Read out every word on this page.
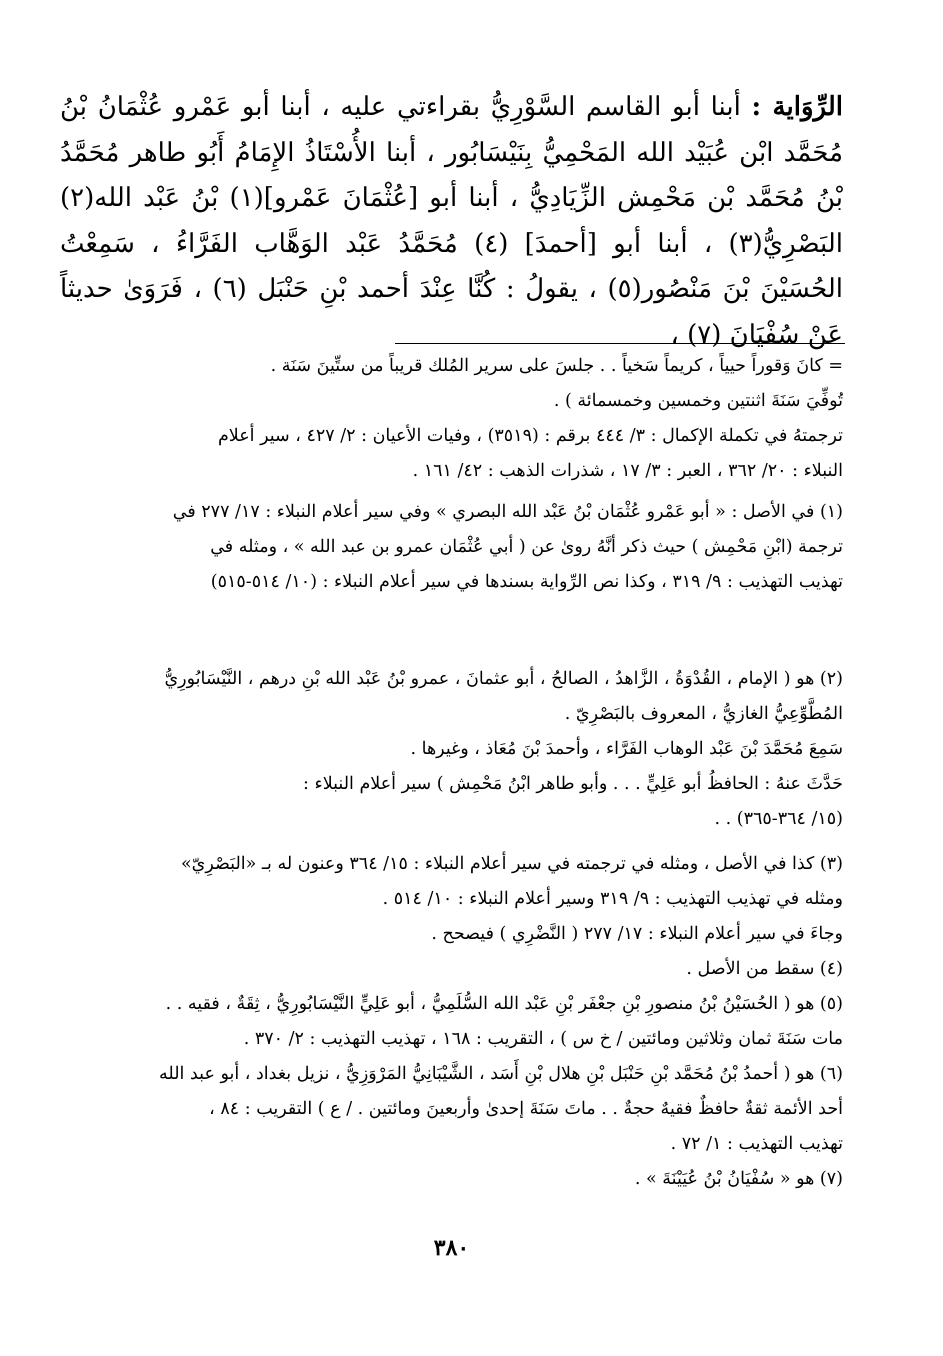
الرِّوَاية : أبنا أبو القاسم السَّوْرِيُّ بقراءتي عليه ، أبنا أبو عَمْرو عُثْمَانُ بْنُ مُحَمَّد ابْن عُبَيْد الله المَحْمِيُّ بِنَيْسَابُور ، أبنا الأُسْتَاذُ الإِمَامُ أَبُو طاهر مُحَمَّدُ بْنُ مُحَمَّد بْن مَحْمِش الزِّيَادِيُّ ، أبنا أبو [عُثْمَانَ عَمْرو](١) بْنُ عَبْد الله(٢) البَصْرِيُّ(٣) ، أبنا أبو [أحمدَ] (٤) مُحَمَّدُ عَبْد الوَهَّاب الفَرَّاءُ ، سَمِعْتُ الحُسَيْنَ بْنَ مَنْصُور(٥) ، يقولُ : كُنَّا عِنْدَ أحمد بْنِ حَنْبَل (٦) ، فَرَوَىٰ حديثاً عَنْ سُفْيَانَ (٧) ،

= كانَ وَقوراً حيياً ، كريماً سَخياً . . جلسَ على سرير المُلك قريباً من ستِّينَ سَنَة .
تُوفِّيَ سَنَةَ اثنتين وخمسين وخمسمائة ) .
ترجمتهُ في تكملة الإكمال : ٣/ ٤٤٤ برقم : (٣٥١٩) ، وفيات الأعيان : ٢/ ٤٢٧ ، سير أعلام
النبلاء : ٢٠/ ٣٦٢ ، العبر : ٣/ ١٧ ، شذرات الذهب : ٤٢/ ١٦١ .
(١) في الأصل : « أبو عَمْرو عُثْمَان بْنُ عَبْد الله البصري » وفي سير أعلام النبلاء : ١٧/ ٢٧٧ في
ترجمة (ابْنِ مَحْمِش ) حيث ذكر أنَّهُ روىٰ عن ( أبي عُثْمَان عمرو بن عبد الله » ، ومثله في
تهذيب التهذيب : ٩/ ٣١٩ ، وكذا نص الرِّواية بسندها في سير أعلام النبلاء : (١٠/ ٥١٤-٥١٥)
(٢) هو ( الإمام ، القُدْوَةُ ، الزَّاهدُ ، الصالحُ ، أبو عثمانَ ، عمرو بْنُ عَبْد الله بْنِ درهم ، النَّيْسَابُورِيُّ
المُطَّوِّعِيُّ الغازيُّ ، المعروف بالبَصْرِيّ .
سَمِعَ مُحَمَّدَ بْنَ عَبْد الوهاب الفَرَّاء ، وأحمدَ بْنَ مُعَاذ ، وغيرها .
حَدَّثَ عنهُ : الحافظُ أبو عَلِيٍّ . . . وأبو طاهر ابْنُ مَحْمِش ) سير أعلام النبلاء :
(١٥/ ٣٦٤-٣٦٥) . .
(٣) كذا في الأصل ، ومثله في ترجمته في سير أعلام النبلاء : ١٥/ ٣٦٤ وعنون له بـ «البَصْرِيّ»
ومثله في تهذيب التهذيب : ٩/ ٣١٩ وسير أعلام النبلاء : ١٠/ ٥١٤ .
وجاءَ في سير أعلام النبلاء : ١٧/ ٢٧٧ ( النَّضْرِي ) فيصحح .
(٤) سقط من الأصل .
(٥) هو ( الحُسَيْنُ بْنُ منصورِ بْنِ جعْفَر بْنِ عَبْد الله السُّلَمِيُّ ، أبو عَلِيٍّ النَّيْسَابُورِيُّ ، ثِقَةٌ ، فقيه . .
مات سَنَةَ ثمان وثلاثين ومائتين / خ س ) ، التقريب : ١٦٨ ، تهذيب التهذيب : ٢/ ٣٧٠ .
(٦) هو ( أحمدُ بْنُ مُحَمَّد بْنِ حَنْبَل بْنِ هلال بْنِ أَسَد ، الشَّيْبَانِيُّ المَرْوَزِيُّ ، نزيل بغداد ، أبو عبد الله
أحد الأئمة ثقةٌ حافظٌ فقيهٌ حجةٌ . . ماتَ سَنَةَ إحدىٰ وأربعينَ ومائتين . / ع ) التقريب : ٨٤ ،
تهذيب التهذيب : ١/ ٧٢ .
(٧) هو « سُفْيَانُ بْنُ عُيَيْنَةَ » .
٣٨٠
